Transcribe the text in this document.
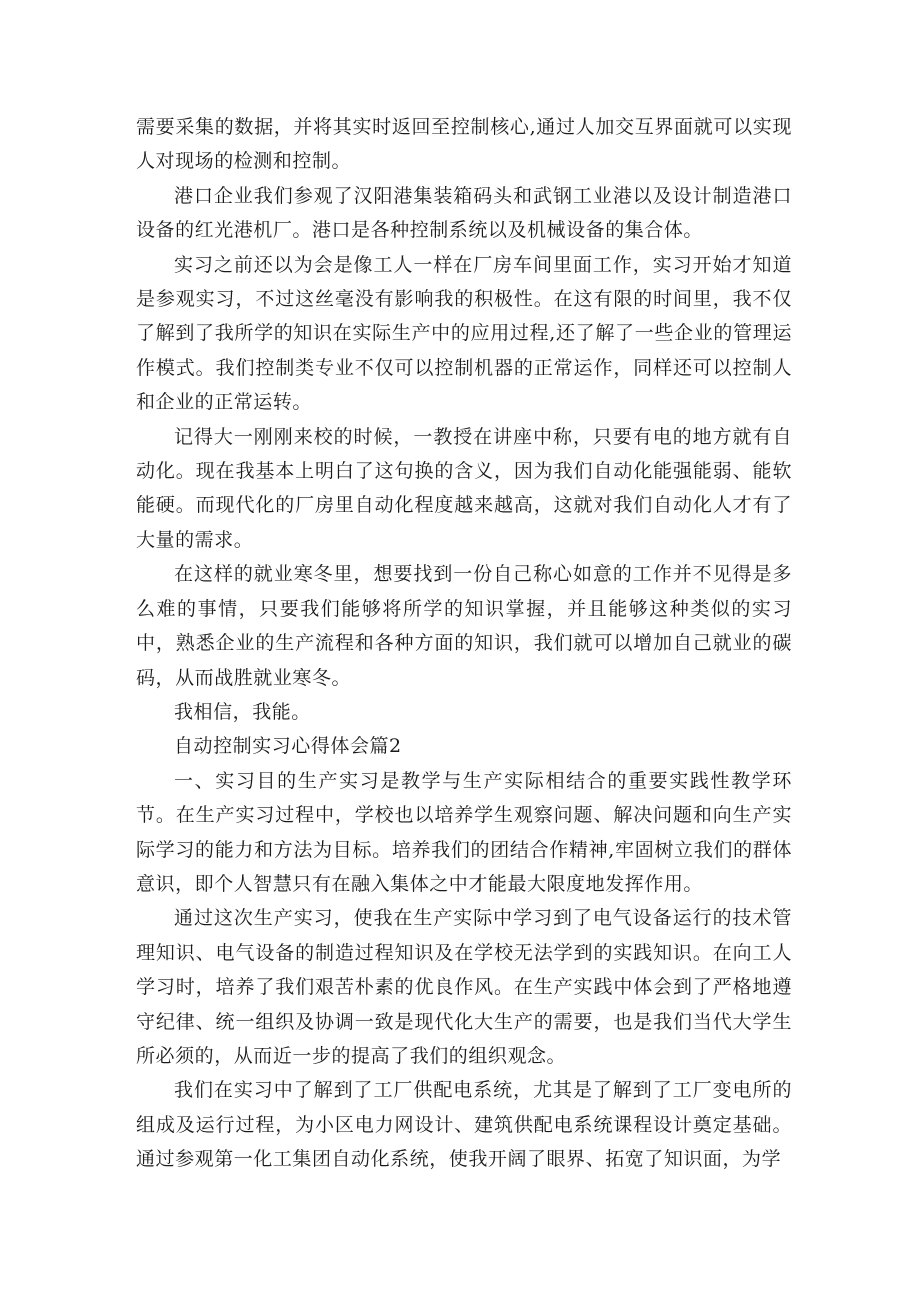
需要采集的数据，并将其实时返回至控制核心,通过人加交互界面就可以实现人对现场的检测和控制。

港口企业我们参观了汉阳港集装箱码头和武钢工业港以及设计制造港口设备的红光港机厂。港口是各种控制系统以及机械设备的集合体。

实习之前还以为会是像工人一样在厂房车间里面工作，实习开始才知道是参观实习，不过这丝毫没有影响我的积极性。在这有限的时间里，我不仅了解到了我所学的知识在实际生产中的应用过程,还了解了一些企业的管理运作模式。我们控制类专业不仅可以控制机器的正常运作，同样还可以控制人和企业的正常运转。

记得大一刚刚来校的时候，一教授在讲座中称，只要有电的地方就有自动化。现在我基本上明白了这句换的含义，因为我们自动化能强能弱、能软能硬。而现代化的厂房里自动化程度越来越高，这就对我们自动化人才有了大量的需求。

在这样的就业寒冬里，想要找到一份自己称心如意的工作并不见得是多么难的事情，只要我们能够将所学的知识掌握，并且能够这种类似的实习中，熟悉企业的生产流程和各种方面的知识，我们就可以增加自己就业的碳码，从而战胜就业寒冬。

我相信，我能。

自动控制实习心得体会篇2

一、实习目的生产实习是教学与生产实际相结合的重要实践性教学环节。在生产实习过程中，学校也以培养学生观察问题、解决问题和向生产实际学习的能力和方法为目标。培养我们的团结合作精神,牢固树立我们的群体意识，即个人智慧只有在融入集体之中才能最大限度地发挥作用。

通过这次生产实习，使我在生产实际中学习到了电气设备运行的技术管理知识、电气设备的制造过程知识及在学校无法学到的实践知识。在向工人学习时，培养了我们艰苦朴素的优良作风。在生产实践中体会到了严格地遵守纪律、统一组织及协调一致是现代化大生产的需要，也是我们当代大学生所必须的，从而近一步的提高了我们的组织观念。

我们在实习中了解到了工厂供配电系统，尤其是了解到了工厂变电所的组成及运行过程，为小区电力网设计、建筑供配电系统课程设计奠定基础。通过参观第一化工集团自动化系统，使我开阔了眼界、拓宽了知识面，为学
